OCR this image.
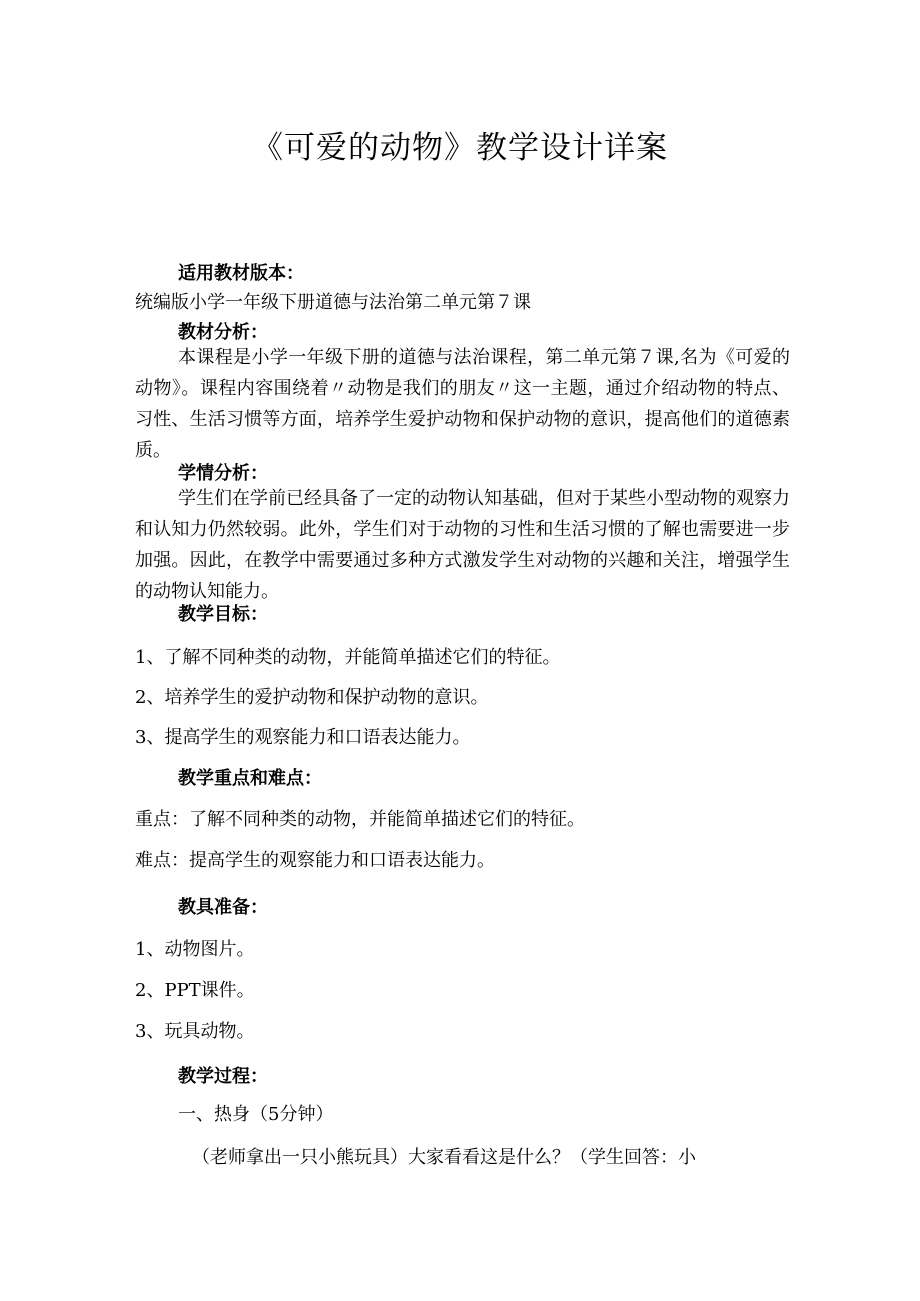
《可爱的动物》教学设计详案
适用教材版本：
统编版小学一年级下册道德与法治第二单元第７课
教材分析：
本课程是小学一年级下册的道德与法治课程，第二单元第７课,名为《可爱的动物》。课程内容围绕着〃动物是我们的朋友〃这一主题，通过介绍动物的特点、习性、生活习惯等方面，培养学生爱护动物和保护动物的意识，提高他们的道德素质。
学情分析：
学生们在学前已经具备了一定的动物认知基础，但对于某些小型动物的观察力和认知力仍然较弱。此外，学生们对于动物的习性和生活习惯的了解也需要进一步加强。因此，在教学中需要通过多种方式激发学生对动物的兴趣和关注，增强学生的动物认知能力。
教学目标：
1、了解不同种类的动物，并能简单描述它们的特征。
2、培养学生的爱护动物和保护动物的意识。
3、提高学生的观察能力和口语表达能力。
教学重点和难点：
重点：了解不同种类的动物，并能简单描述它们的特征。
难点：提高学生的观察能力和口语表达能力。
教具准备：
1、动物图片。
2、PPT课件。
3、玩具动物。
教学过程：
一、热身（5分钟）
（老师拿出一只小熊玩具）大家看看这是什么？（学生回答：小
